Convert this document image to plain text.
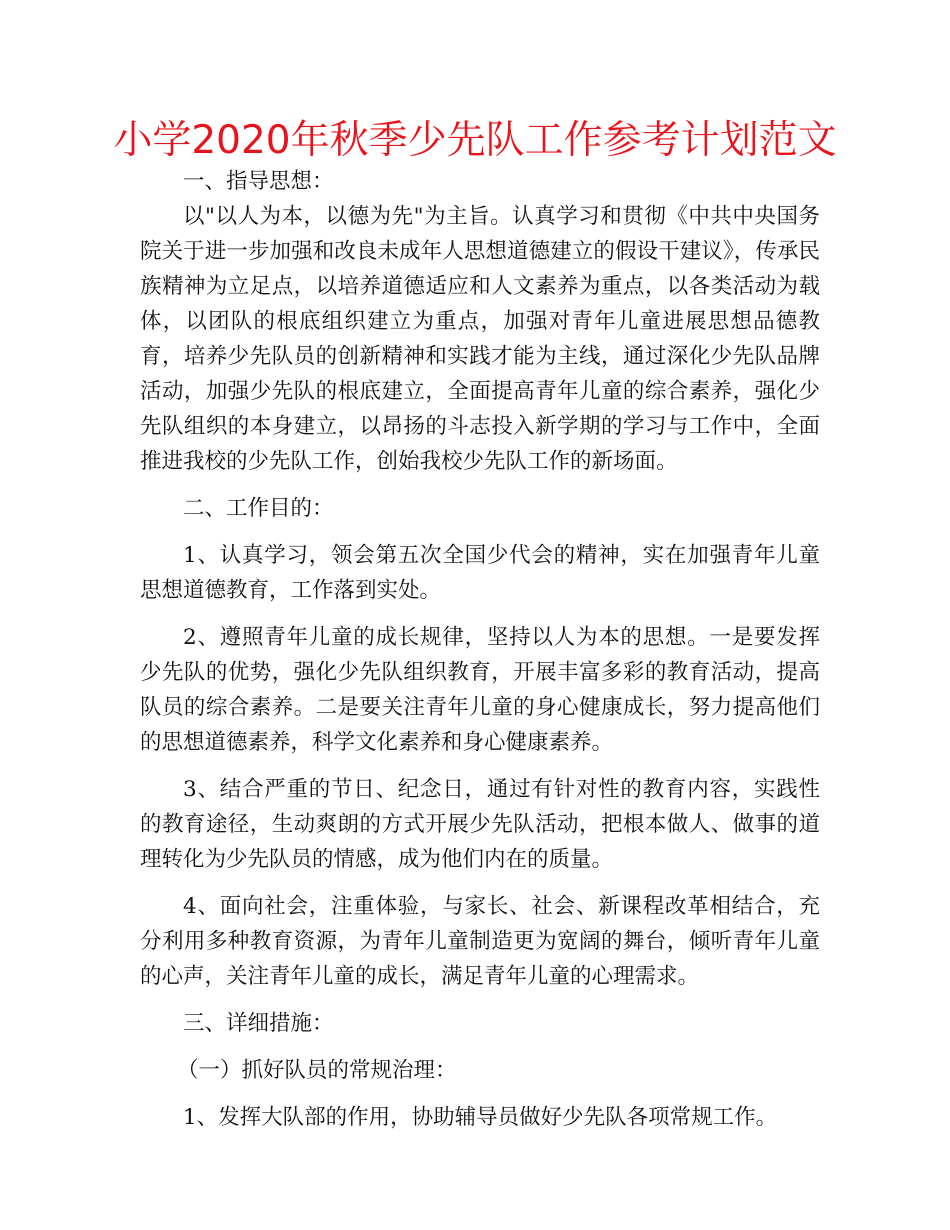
小学2020年秋季少先队工作参考计划范文

一、指导思想：

以"以人为本，以德为先"为主旨。认真学习和贯彻《中共中央国务院关于进一步加强和改良未成年人思想道德建立的假设干建议》，传承民族精神为立足点，以培养道德适应和人文素养为重点，以各类活动为载体，以团队的根底组织建立为重点，加强对青年儿童进展思想品德教育，培养少先队员的创新精神和实践才能为主线，通过深化少先队品牌活动，加强少先队的根底建立，全面提高青年儿童的综合素养，强化少先队组织的本身建立，以昂扬的斗志投入新学期的学习与工作中，全面推进我校的少先队工作，创始我校少先队工作的新场面。

二、工作目的：

1、认真学习，领会第五次全国少代会的精神，实在加强青年儿童思想道德教育，工作落到实处。

2、遵照青年儿童的成长规律，坚持以人为本的思想。一是要发挥少先队的优势，强化少先队组织教育，开展丰富多彩的教育活动，提高队员的综合素养。二是要关注青年儿童的身心健康成长，努力提高他们的思想道德素养，科学文化素养和身心健康素养。

3、结合严重的节日、纪念日，通过有针对性的教育内容，实践性的教育途径，生动爽朗的方式开展少先队活动，把根本做人、做事的道理转化为少先队员的情感，成为他们内在的质量。

4、面向社会，注重体验，与家长、社会、新课程改革相结合，充分利用多种教育资源，为青年儿童制造更为宽阔的舞台，倾听青年儿童的心声，关注青年儿童的成长，满足青年儿童的心理需求。

三、详细措施：

（一）抓好队员的常规治理：

1、发挥大队部的作用，协助辅导员做好少先队各项常规工作。
